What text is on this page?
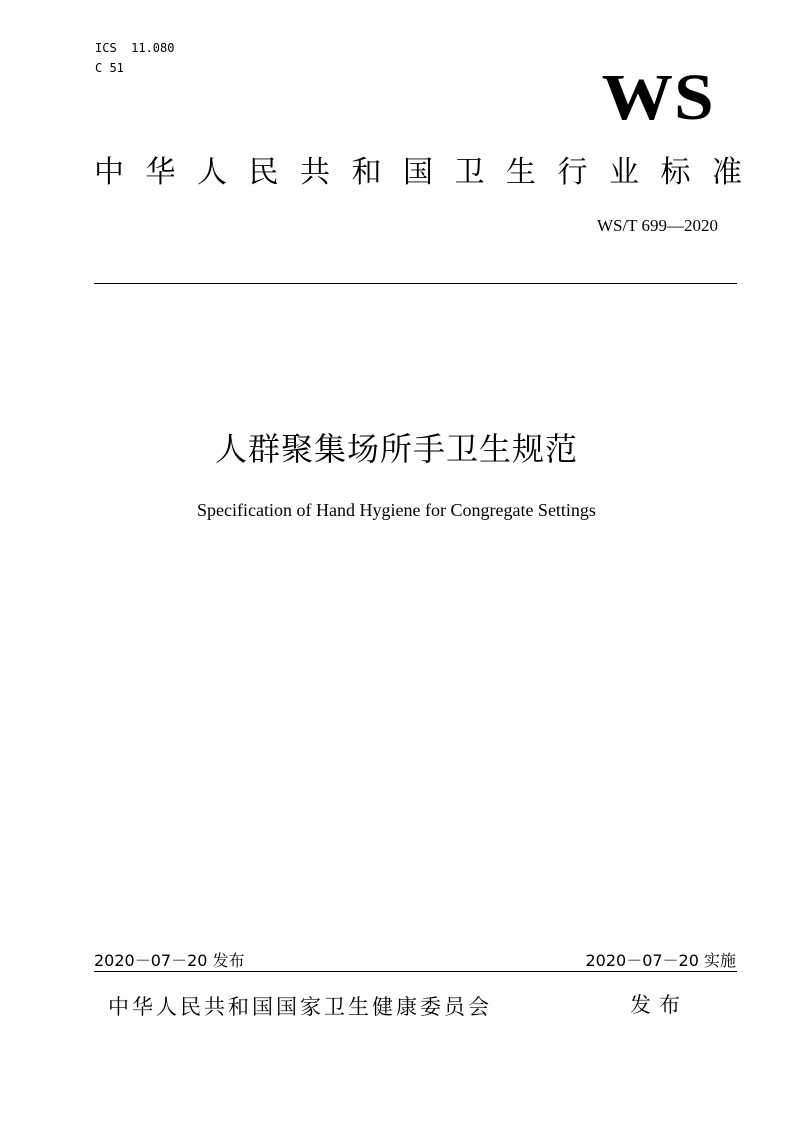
ICS  11.080
C 51	WS
中 华 人 民 共 和 国 卫 生 行 业 标 准
WS/T 699—2020
人群聚集场所手卫生规范
Specification of Hand Hygiene for Congregate Settings
2020－07－20 发布	2020－07－20 实施
中华人民共和国国家卫生健康委员会	发布
